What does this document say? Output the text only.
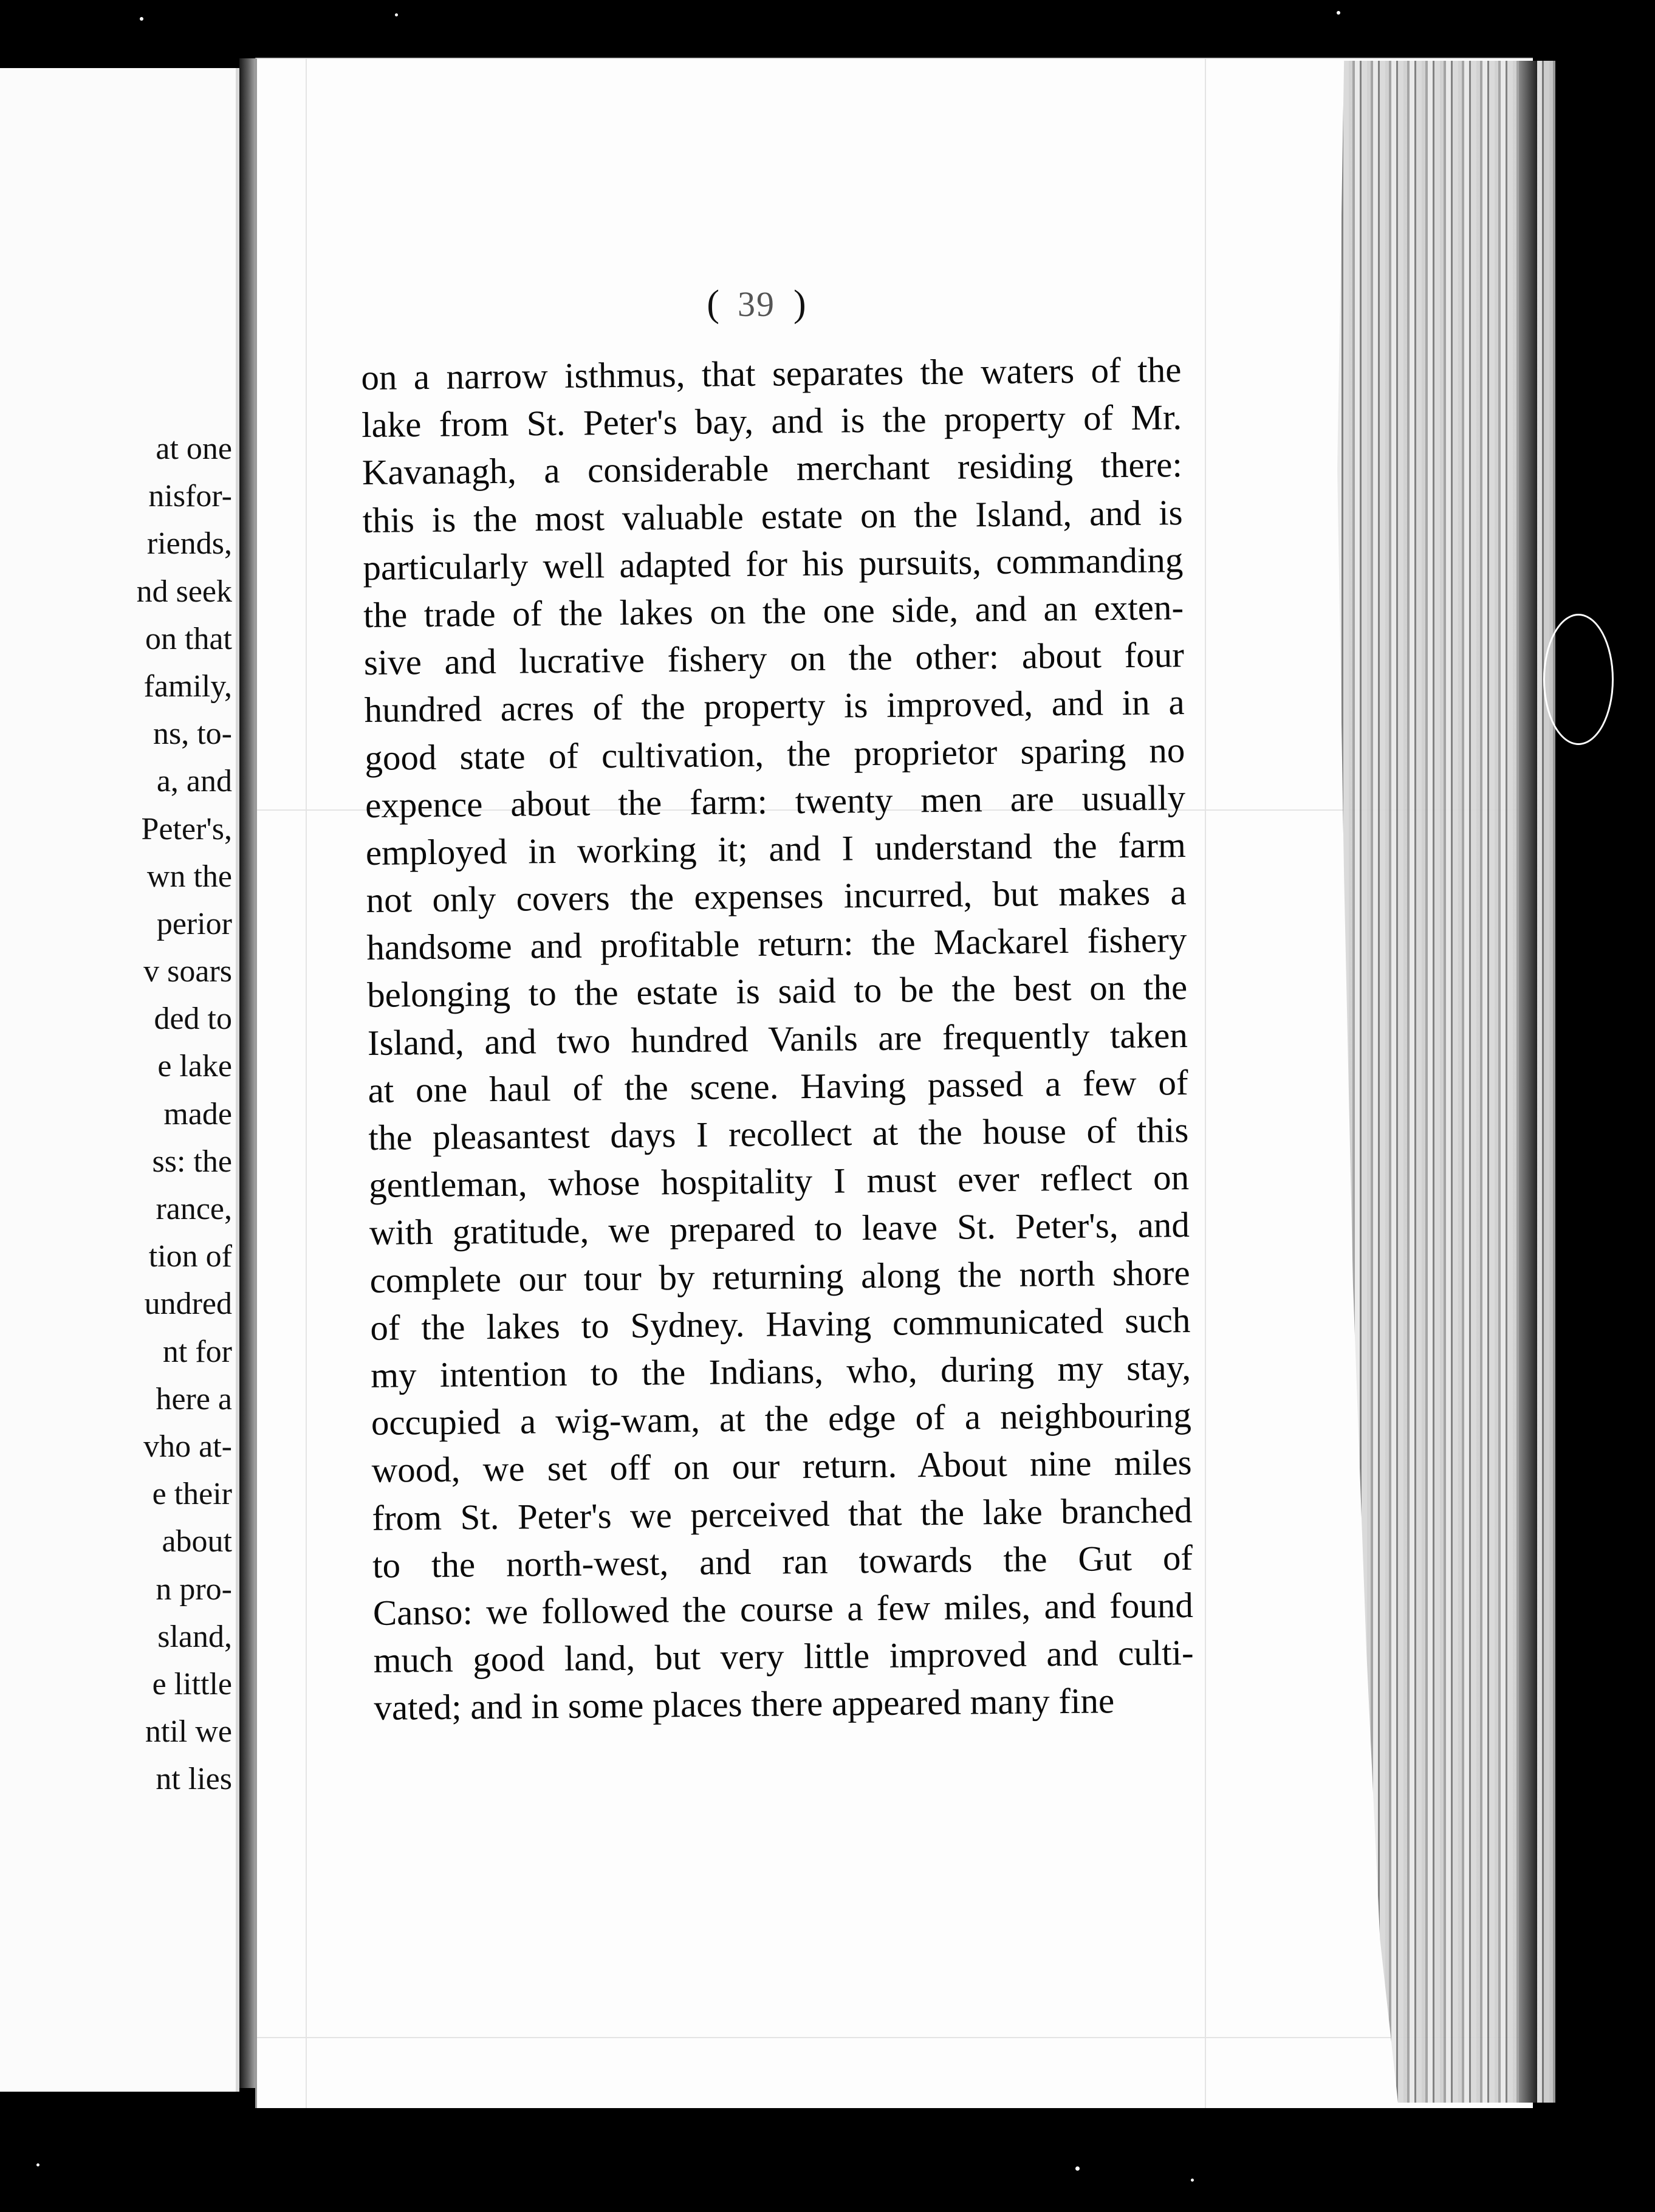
at one
nisfor-
riends,
nd seek
on that
family,
ns, to-
a, and
Peter's,
wn the
perior
v soars
ded to
e lake
made
ss: the
rance,
tion of
undred
nt for
here a
vho at-
e their
about
n pro-
sland,
e little
ntil we
nt lies
( 39 )
on a narrow isthmus, that separates the waters of the
lake from St. Peter's bay, and is the property of Mr.
Kavanagh, a considerable merchant residing there:
this is the most valuable estate on the Island, and is
particularly well adapted for his pursuits, commanding
the trade of the lakes on the one side, and an exten-
sive and lucrative fishery on the other: about four
hundred acres of the property is improved, and in a
good state of cultivation, the proprietor sparing no
expence about the farm: twenty men are usually
employed in working it; and I understand the farm
not only covers the expenses incurred, but makes a
handsome and profitable return: the Mackarel fishery
belonging to the estate is said to be the best on the
Island, and two hundred Vanils are frequently taken
at one haul of the scene. Having passed a few of
the pleasantest days I recollect at the house of this
gentleman, whose hospitality I must ever reflect on
with gratitude, we prepared to leave St. Peter's, and
complete our tour by returning along the north shore
of the lakes to Sydney. Having communicated such
my intention to the Indians, who, during my stay,
occupied a wig-wam, at the edge of a neighbouring
wood, we set off on our return. About nine miles
from St. Peter's we perceived that the lake branched
to the north-west, and ran towards the Gut of
Canso: we followed the course a few miles, and found
much good land, but very little improved and culti-
vated; and in some places there appeared many fine
